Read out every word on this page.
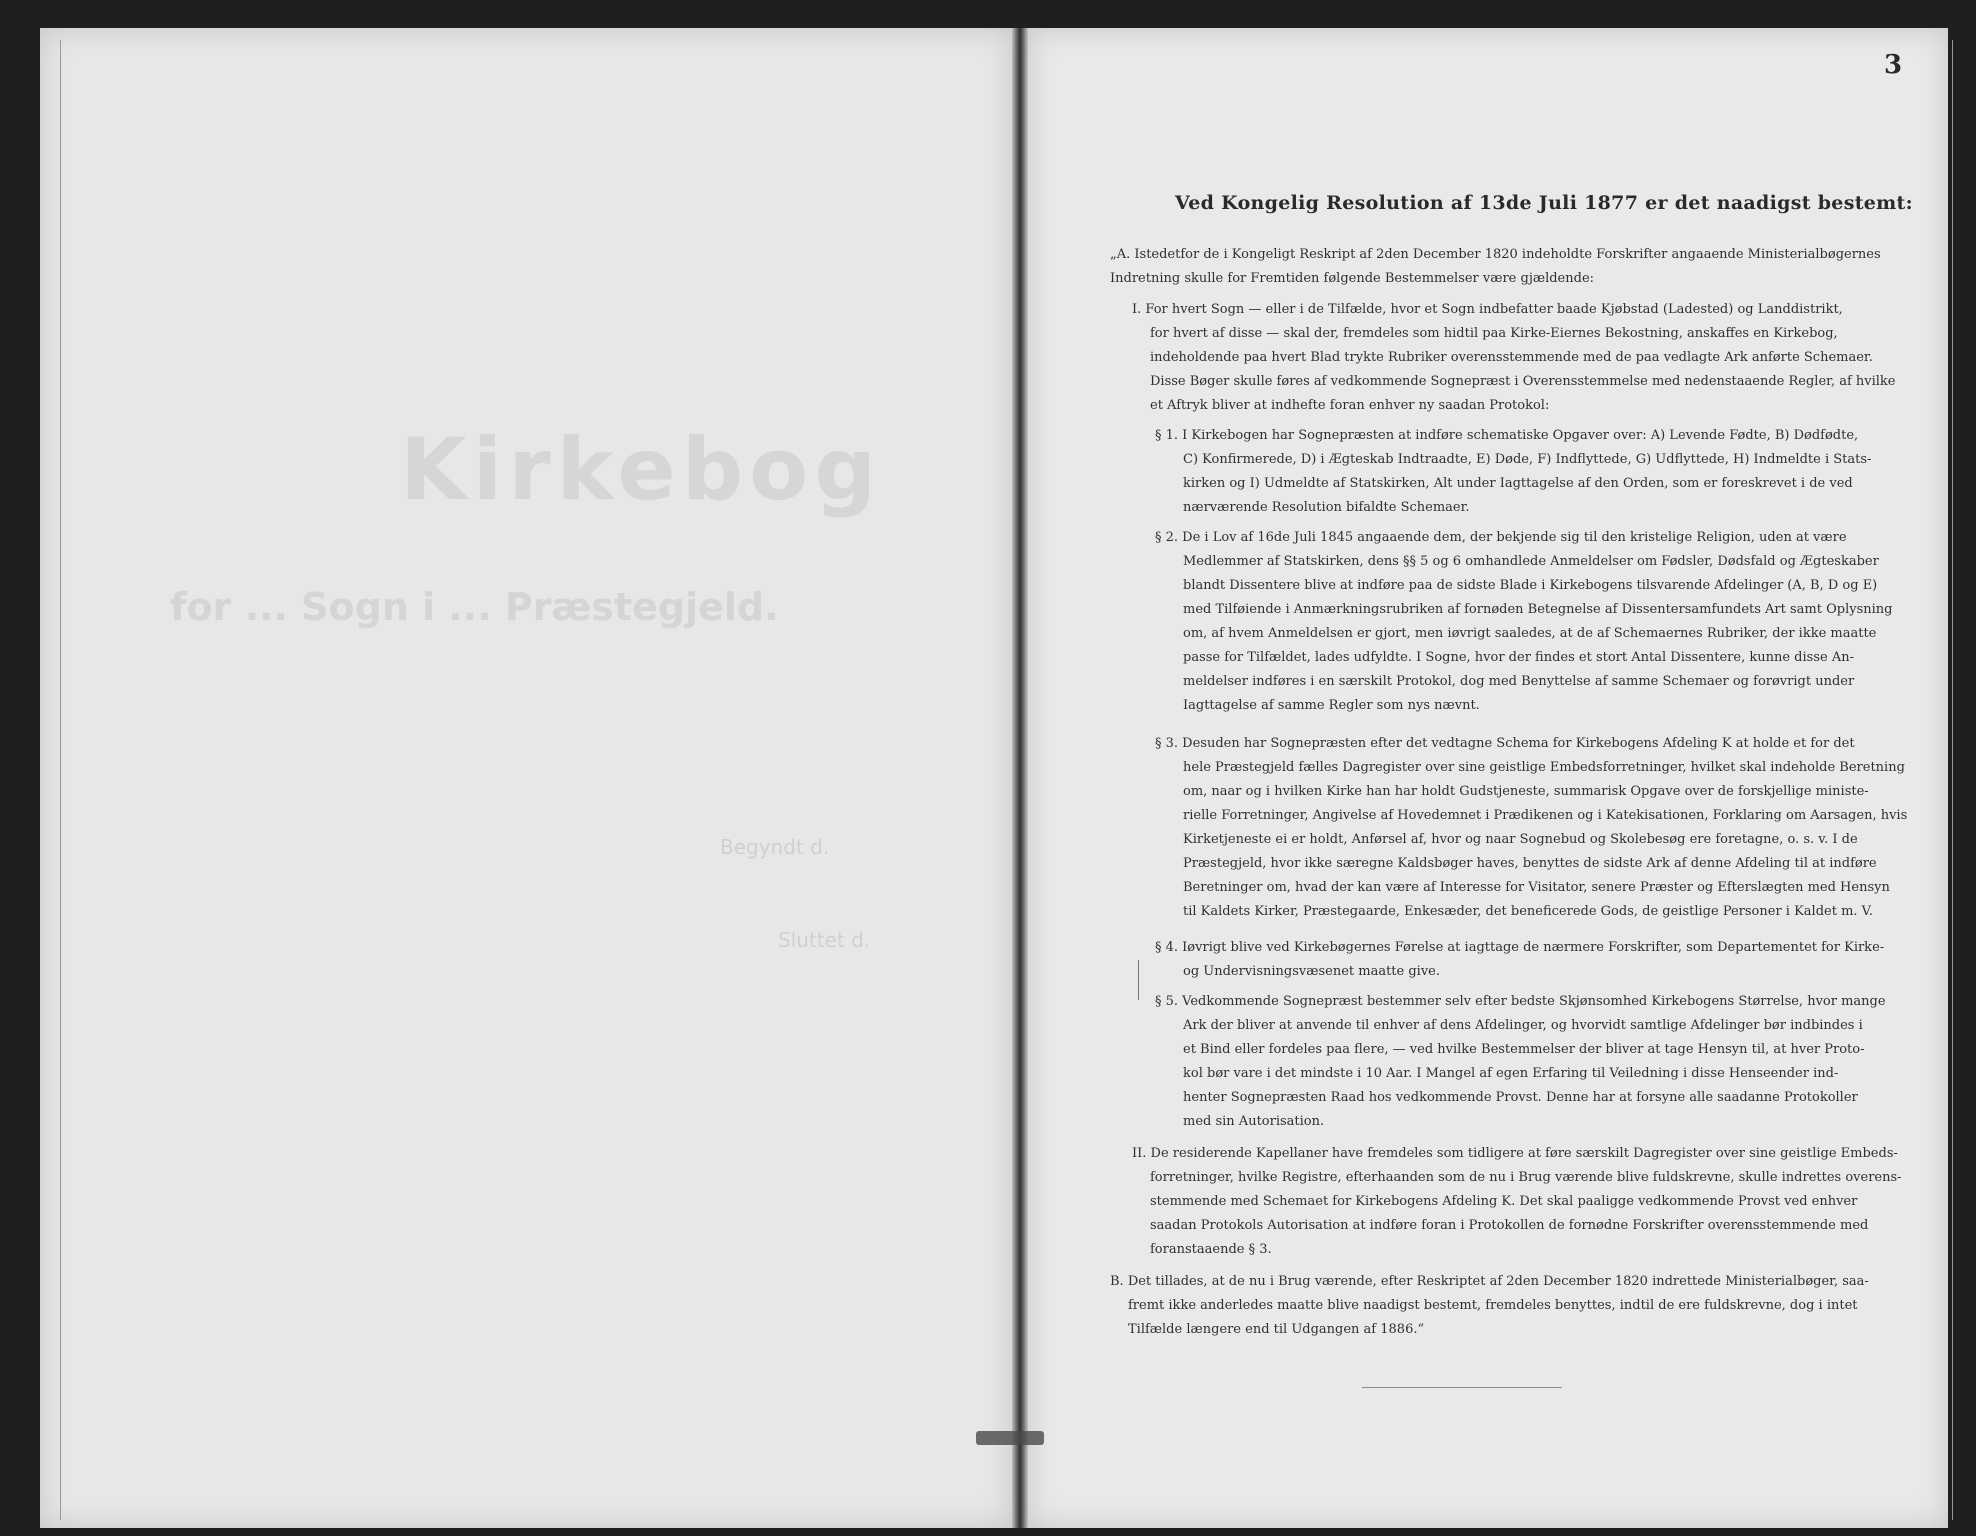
Kirkebog
for ... Sogn i ... Præstegjeld.
Begyndt d.
Sluttet d.
3
Ved Kongelig Resolution af 13de Juli 1877 er det naadigst bestemt:
„A. Istedetfor de i Kongeligt Reskript af 2den December 1820 indeholdte Forskrifter angaaende Ministerialbøgernes
Indretning skulle for Fremtiden følgende Bestemmelser være gjældende:
I. For hvert Sogn — eller i de Tilfælde, hvor et Sogn indbefatter baade Kjøbstad (Ladested) og Landdistrikt,
for hvert af disse — skal der, fremdeles som hidtil paa Kirke-Eiernes Bekostning, anskaffes en Kirkebog,
indeholdende paa hvert Blad trykte Rubriker overensstemmende med de paa vedlagte Ark anførte Schemaer.
Disse Bøger skulle føres af vedkommende Sognepræst i Overensstemmelse med nedenstaaende Regler, af hvilke
et Aftryk bliver at indhefte foran enhver ny saadan Protokol:
§ 1. I Kirkebogen har Sognepræsten at indføre schematiske Opgaver over: A) Levende Fødte, B) Dødfødte,
C) Konfirmerede, D) i Ægteskab Indtraadte, E) Døde, F) Indflyttede, G) Udflyttede, H) Indmeldte i Stats-
kirken og I) Udmeldte af Statskirken, Alt under Iagttagelse af den Orden, som er foreskrevet i de ved
nærværende Resolution bifaldte Schemaer.
§ 2. De i Lov af 16de Juli 1845 angaaende dem, der bekjende sig til den kristelige Religion, uden at være
Medlemmer af Statskirken, dens §§ 5 og 6 omhandlede Anmeldelser om Fødsler, Dødsfald og Ægteskaber
blandt Dissentere blive at indføre paa de sidste Blade i Kirkebogens tilsvarende Afdelinger (A, B, D og E)
med Tilføiende i Anmærkningsrubriken af fornøden Betegnelse af Dissentersamfundets Art samt Oplysning
om, af hvem Anmeldelsen er gjort, men iøvrigt saaledes, at de af Schemaernes Rubriker, der ikke maatte
passe for Tilfældet, lades udfyldte. I Sogne, hvor der findes et stort Antal Dissentere, kunne disse An-
meldelser indføres i en særskilt Protokol, dog med Benyttelse af samme Schemaer og forøvrigt under
Iagttagelse af samme Regler som nys nævnt.
§ 3. Desuden har Sognepræsten efter det vedtagne Schema for Kirkebogens Afdeling K at holde et for det
hele Præstegjeld fælles Dagregister over sine geistlige Embedsforretninger, hvilket skal indeholde Beretning
om, naar og i hvilken Kirke han har holdt Gudstjeneste, summarisk Opgave over de forskjellige ministe-
rielle Forretninger, Angivelse af Hovedemnet i Prædikenen og i Katekisationen, Forklaring om Aarsagen, hvis
Kirketjeneste ei er holdt, Anførsel af, hvor og naar Sognebud og Skolebesøg ere foretagne, o. s. v. I de
Præstegjeld, hvor ikke særegne Kaldsbøger haves, benyttes de sidste Ark af denne Afdeling til at indføre
Beretninger om, hvad der kan være af Interesse for Visitator, senere Præster og Efterslægten med Hensyn
til Kaldets Kirker, Præstegaarde, Enkesæder, det beneficerede Gods, de geistlige Personer i Kaldet m. V.
§ 4. Iøvrigt blive ved Kirkebøgernes Førelse at iagttage de nærmere Forskrifter, som Departementet for Kirke-
og Undervisningsvæsenet maatte give.
§ 5. Vedkommende Sognepræst bestemmer selv efter bedste Skjønsomhed Kirkebogens Størrelse, hvor mange
Ark der bliver at anvende til enhver af dens Afdelinger, og hvorvidt samtlige Afdelinger bør indbindes i
et Bind eller fordeles paa flere, — ved hvilke Bestemmelser der bliver at tage Hensyn til, at hver Proto-
kol bør vare i det mindste i 10 Aar. I Mangel af egen Erfaring til Veiledning i disse Henseender ind-
henter Sognepræsten Raad hos vedkommende Provst. Denne har at forsyne alle saadanne Protokoller
med sin Autorisation.
II. De residerende Kapellaner have fremdeles som tidligere at føre særskilt Dagregister over sine geistlige Embeds-
forretninger, hvilke Registre, efterhaanden som de nu i Brug værende blive fuldskrevne, skulle indrettes overens-
stemmende med Schemaet for Kirkebogens Afdeling K. Det skal paaligge vedkommende Provst ved enhver
saadan Protokols Autorisation at indføre foran i Protokollen de fornødne Forskrifter overensstemmende med
foranstaaende § 3.
B. Det tillades, at de nu i Brug værende, efter Reskriptet af 2den December 1820 indrettede Ministerialbøger, saa-
fremt ikke anderledes maatte blive naadigst bestemt, fremdeles benyttes, indtil de ere fuldskrevne, dog i intet
Tilfælde længere end til Udgangen af 1886.“
